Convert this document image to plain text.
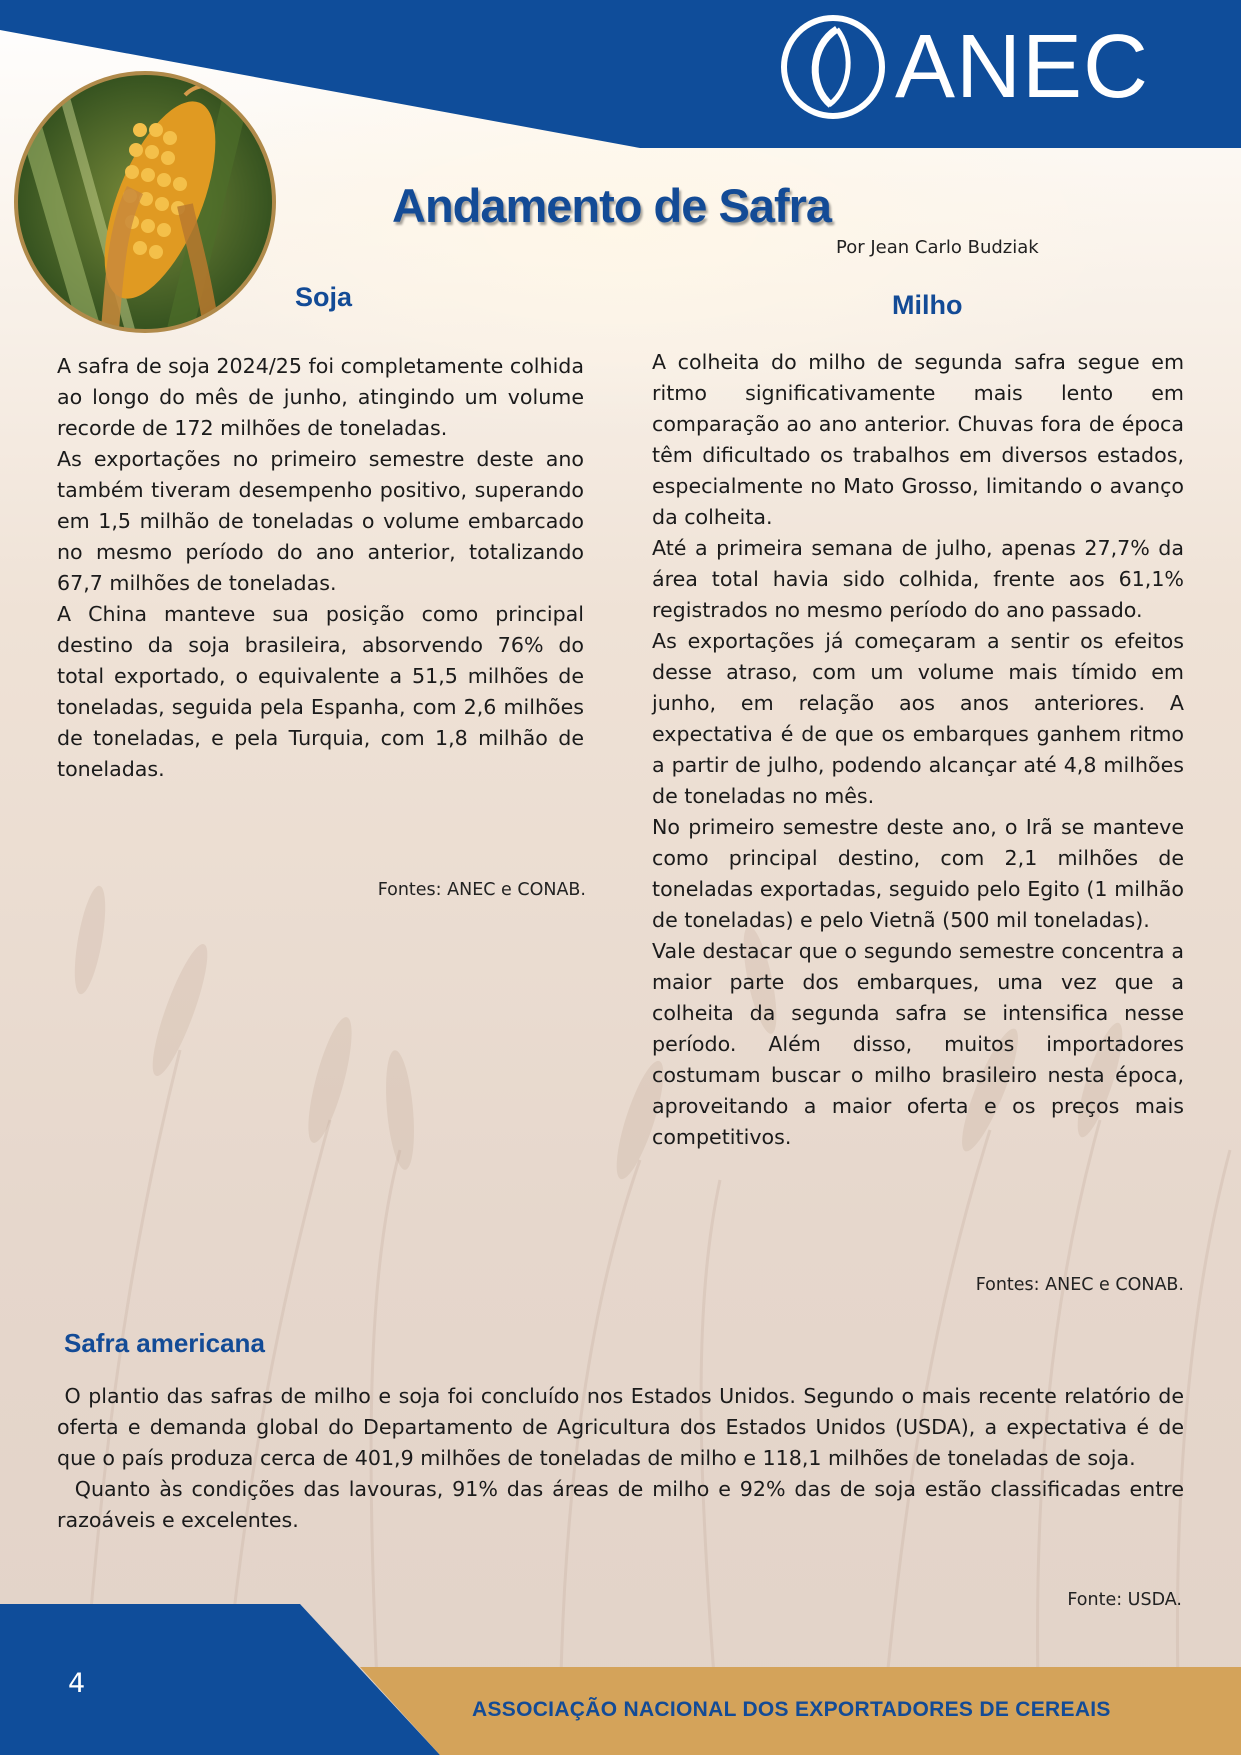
ANEC
Andamento de Safra
Por Jean Carlo Budziak
Soja

A safra de soja 2024/25 foi completamente colhida ao longo do mês de junho, atingindo um volume recorde de 172 milhões de toneladas.

As exportações no primeiro semestre deste ano também tiveram desempenho positivo, superando em 1,5 milhão de toneladas o volume embarcado no mesmo período do ano anterior, totalizando 67,7 milhões de toneladas.

A China manteve sua posição como principal destino da soja brasileira, absorvendo 76% do total exportado, o equivalente a 51,5 milhões de toneladas, seguida pela Espanha, com 2,6 milhões de toneladas, e pela Turquia, com 1,8 milhão de toneladas.

Fontes: ANEC e CONAB.
Milho

A colheita do milho de segunda safra segue em ritmo significativamente mais lento em comparação ao ano anterior. Chuvas fora de época têm dificultado os trabalhos em diversos estados, especialmente no Mato Grosso, limitando o avanço da colheita.

Até a primeira semana de julho, apenas 27,7% da área total havia sido colhida, frente aos 61,1% registrados no mesmo período do ano passado.

As exportações já começaram a sentir os efeitos desse atraso, com um volume mais tímido em junho, em relação aos anos anteriores. A expectativa é de que os embarques ganhem ritmo a partir de julho, podendo alcançar até 4,8 milhões de toneladas no mês.

No primeiro semestre deste ano, o Irã se manteve como principal destino, com 2,1 milhões de toneladas exportadas, seguido pelo Egito (1 milhão de toneladas) e pelo Vietnã (500 mil toneladas).

Vale destacar que o segundo semestre concentra a maior parte dos embarques, uma vez que a colheita da segunda safra se intensifica nesse período. Além disso, muitos importadores costumam buscar o milho brasileiro nesta época, aproveitando a maior oferta e os preços mais competitivos.

Fontes: ANEC e CONAB.
Safra americana

O plantio das safras de milho e soja foi concluído nos Estados Unidos. Segundo o mais recente relatório de oferta e demanda global do Departamento de Agricultura dos Estados Unidos (USDA), a expectativa é de que o país produza cerca de 401,9 milhões de toneladas de milho e 118,1 milhões de toneladas de soja.

Quanto às condições das lavouras, 91% das áreas de milho e 92% das de soja estão classificadas entre razoáveis e excelentes.

Fonte: USDA.
4
ASSOCIAÇÃO NACIONAL DOS EXPORTADORES DE CEREAIS
